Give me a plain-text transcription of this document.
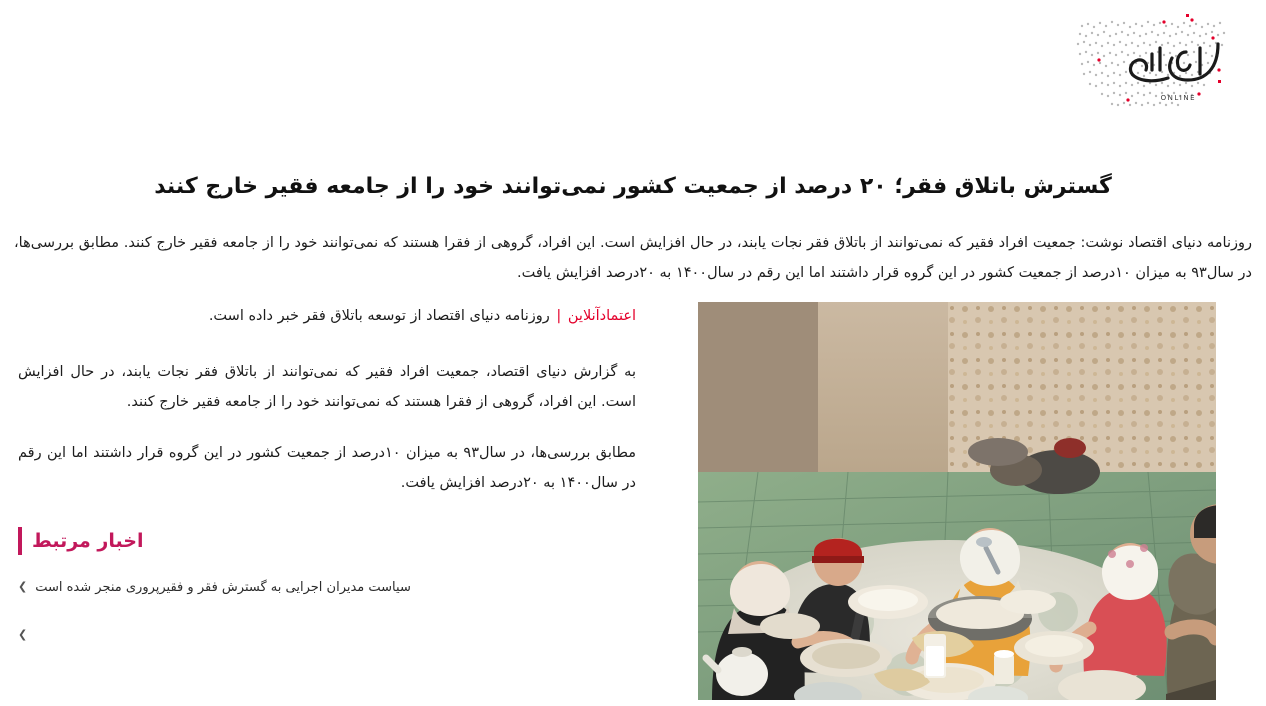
ONLINE
گسترش باتلاق فقر؛ ۲۰ درصد از جمعیت کشور نمی‌توانند خود را از جامعه فقیر خارج کنند

روزنامه دنیای اقتصاد نوشت: جمعیت افراد فقیر که نمی‌توانند از باتلاق فقر نجات یابند، در حال افزایش است. این افراد، گروهی از فقرا هستند که نمی‌توانند خود را از جامعه فقیر خارج کنند. مطابق بررسی‌ها، در سال‏۹۳ به میزان ۱۰درصد از جمعیت کشور در این گروه قرار داشتند اما این رقم در سال‏۱۴۰۰ به ۲۰درصد افزایش یافت.

اعتمادآنلاین | روزنامه دنیای اقتصاد از توسعه باتلاق فقر خبر داده است.

به گزارش دنیای اقتصاد، جمعیت افراد فقیر که نمی‌توانند از باتلاق فقر نجات یابند، در حال افزایش است. این افراد، گروهی از فقرا هستند که نمی‌توانند خود را از جامعه فقیر خارج کنند.

مطابق بررسی‌ها، در سال‏۹۳ به میزان ۱۰درصد از جمعیت کشور در این گروه قرار داشتند اما این رقم در سال‏۱۴۰۰ به ۲۰درصد افزایش یافت.

اخبار مرتبط
❯ سیاست مدیران اجرایی به گسترش فقر و فقیرپروری منجر شده است
❯
